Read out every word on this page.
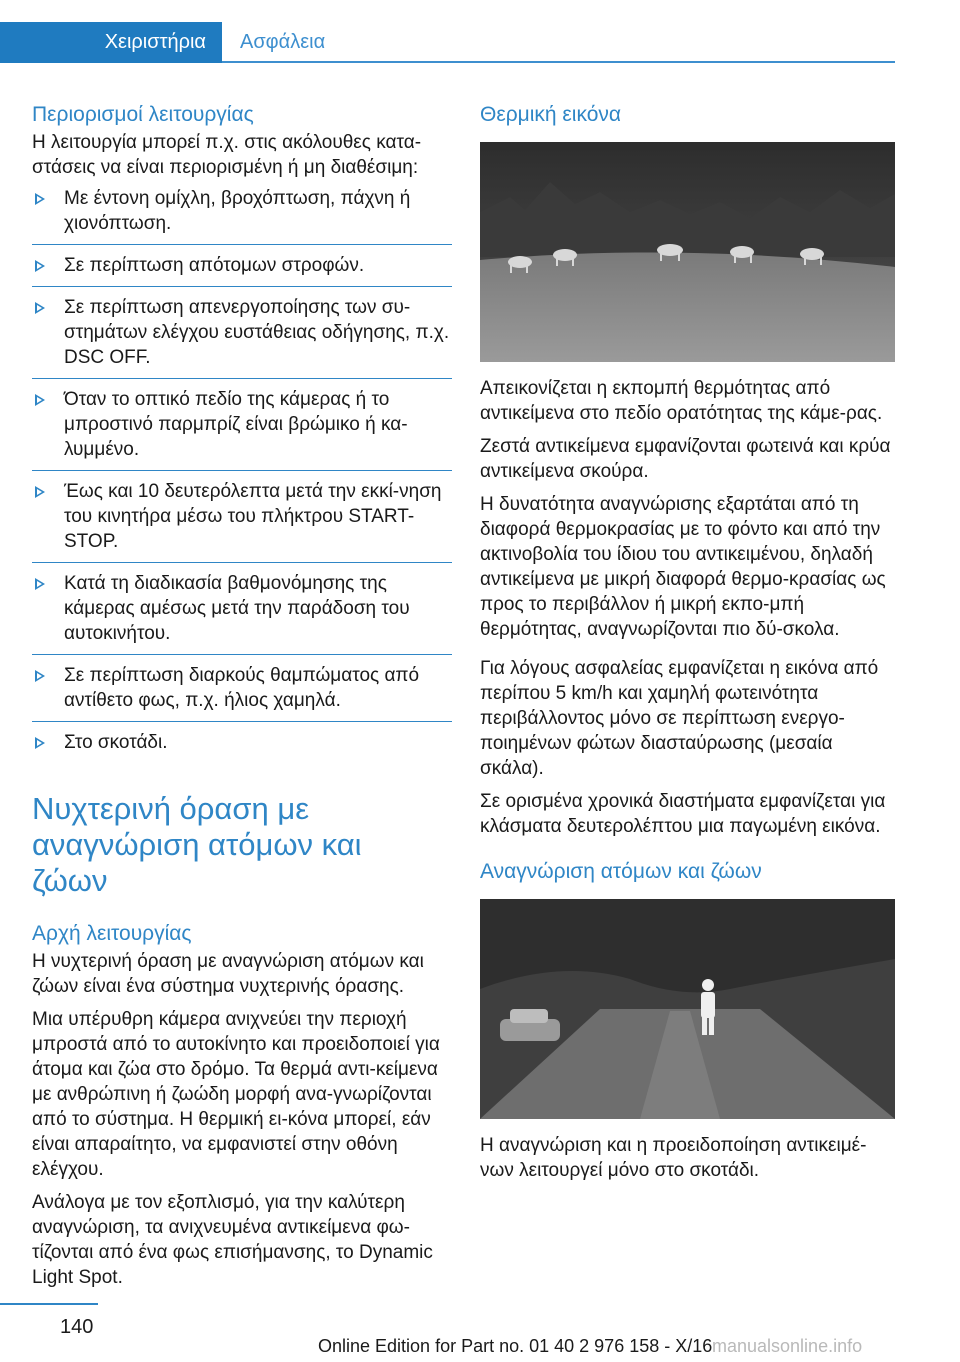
Χειριστήρια Ασφάλεια
Περιορισμοί λειτουργίας

Η λειτουργία μπορεί π.χ. στις ακόλουθες κατα‐στάσεις να είναι περιορισμένη ή μη διαθέσιμη:

Με έντονη ομίχλη, βροχόπτωση, πάχνη ή χιονόπτωση.
Σε περίπτωση απότομων στροφών.
Σε περίπτωση απενεργοποίησης των συ‐στημάτων ελέγχου ευστάθειας οδήγησης, π.χ. DSC OFF.
Όταν το οπτικό πεδίο της κάμερας ή το μπροστινό παρμπρίζ είναι βρώμικο ή κα‐λυμμένο.
Έως και 10 δευτερόλεπτα μετά την εκκί‐νηση του κινητήρα μέσω του πλήκτρου START-STOP.
Κατά τη διαδικασία βαθμονόμησης της κάμερας αμέσως μετά την παράδοση του αυτοκινήτου.
Σε περίπτωση διαρκούς θαμπώματος από αντίθετο φως, π.χ. ήλιος χαμηλά.
Στο σκοτάδι.
Νυχτερινή όραση με αναγνώριση ατόμων και ζώων
Αρχή λειτουργίας

Η νυχτερινή όραση με αναγνώριση ατόμων και ζώων είναι ένα σύστημα νυχτερινής όρασης.

Μια υπέρυθρη κάμερα ανιχνεύει την περιοχή μπροστά από το αυτοκίνητο και προειδοποιεί για άτομα και ζώα στο δρόμο. Τα θερμά αντι‐κείμενα με ανθρώπινη ή ζωώδη μορφή ανα‐γνωρίζονται από το σύστημα. Η θερμική ει‐κόνα μπορεί, εάν είναι απαραίτητο, να εμφανιστεί στην οθόνη ελέγχου.

Ανάλογα με τον εξοπλισμό, για την καλύτερη αναγνώριση, τα ανιχνευμένα αντικείμενα φω‐τίζονται από ένα φως επισήμανσης, το Dynamic Light Spot.

Θερμική εικόνα

Απεικονίζεται η εκπομπή θερμότητας από αντικείμενα στο πεδίο ορατότητας της κάμε‐ρας.

Ζεστά αντικείμενα εμφανίζονται φωτεινά και κρύα αντικείμενα σκούρα.

Η δυνατότητα αναγνώρισης εξαρτάται από τη διαφορά θερμοκρασίας με το φόντο και από την ακτινοβολία του ίδιου του αντικειμένου, δηλαδή αντικείμενα με μικρή διαφορά θερμο‐κρασίας ως προς το περιβάλλον ή μικρή εκπο‐μπή θερμότητας, αναγνωρίζονται πιο δύ‐σκολα.

Για λόγους ασφαλείας εμφανίζεται η εικόνα από περίπου 5 km/h και χαμηλή φωτεινότητα περιβάλλοντος μόνο σε περίπτωση ενεργο‐ποιημένων φώτων διασταύρωσης (μεσαία σκάλα).

Σε ορισμένα χρονικά διαστήματα εμφανίζεται για κλάσματα δευτερολέπτου μια παγωμένη εικόνα.

Αναγνώριση ατόμων και ζώων

Η αναγνώριση και η προειδοποίηση αντικειμέ‐νων λειτουργεί μόνο στο σκοτάδι.

140
Online Edition for Part no. 01 40 2 976 158 - X/16 manualsonline.info
